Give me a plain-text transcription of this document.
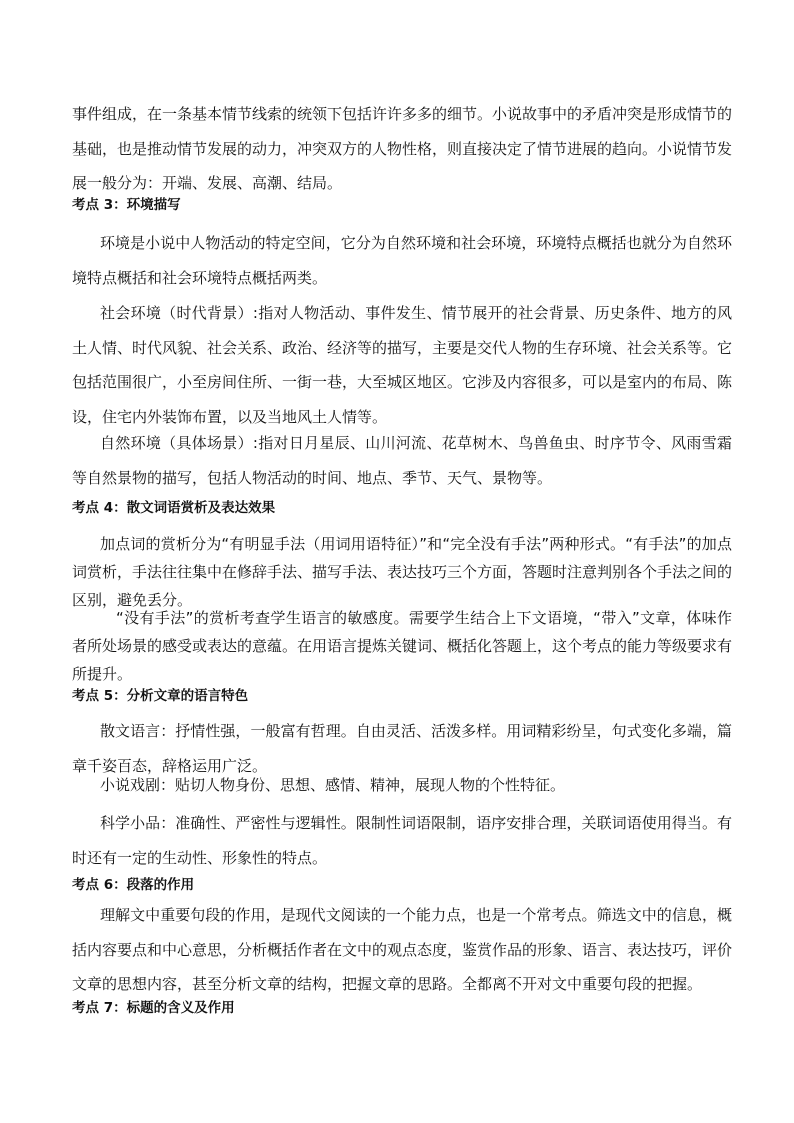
事件组成，在一条基本情节线索的统领下包括许许多多的细节。小说故事中的矛盾冲突是形成情节的基础，也是推动情节发展的动力，冲突双方的人物性格，则直接决定了情节进展的趋向。小说情节发展一般分为：开端、发展、高潮、结局。

考点 3：环境描写

环境是小说中人物活动的特定空间，它分为自然环境和社会环境，环境特点概括也就分为自然环境特点概括和社会环境特点概括两类。

社会环境（时代背景）:指对人物活动、事件发生、情节展开的社会背景、历史条件、地方的风土人情、时代风貌、社会关系、政治、经济等的描写，主要是交代人物的生存环境、社会关系等。它包括范围很广，小至房间住所、一街一巷，大至城区地区。它涉及内容很多，可以是室内的布局、陈设，住宅内外装饰布置，以及当地风土人情等。

自然环境（具体场景）:指对日月星辰、山川河流、花草树木、鸟兽鱼虫、时序节令、风雨雪霜等自然景物的描写，包括人物活动的时间、地点、季节、天气、景物等。

考点 4：散文词语赏析及表达效果

加点词的赏析分为“有明显手法（用词用语特征）”和“完全没有手法”两种形式。“有手法”的加点词赏析，手法往往集中在修辞手法、描写手法、表达技巧三个方面，答题时注意判别各个手法之间的区别，避免丢分。

“没有手法”的赏析考查学生语言的敏感度。需要学生结合上下文语境，“带入”文章，体味作者所处场景的感受或表达的意蕴。在用语言提炼关键词、概括化答题上，这个考点的能力等级要求有所提升。

考点 5：分析文章的语言特色

散文语言：抒情性强，一般富有哲理。自由灵活、活泼多样。用词精彩纷呈，句式变化多端，篇章千姿百态，辞格运用广泛。

小说戏剧：贴切人物身份、思想、感情、精神，展现人物的个性特征。

科学小品：准确性、严密性与逻辑性。限制性词语限制，语序安排合理，关联词语使用得当。有时还有一定的生动性、形象性的特点。

考点 6：段落的作用

理解文中重要句段的作用，是现代文阅读的一个能力点，也是一个常考点。筛选文中的信息，概括内容要点和中心意思，分析概括作者在文中的观点态度，鉴赏作品的形象、语言、表达技巧，评价文章的思想内容，甚至分析文章的结构，把握文章的思路。全都离不开对文中重要句段的把握。

考点 7：标题的含义及作用
